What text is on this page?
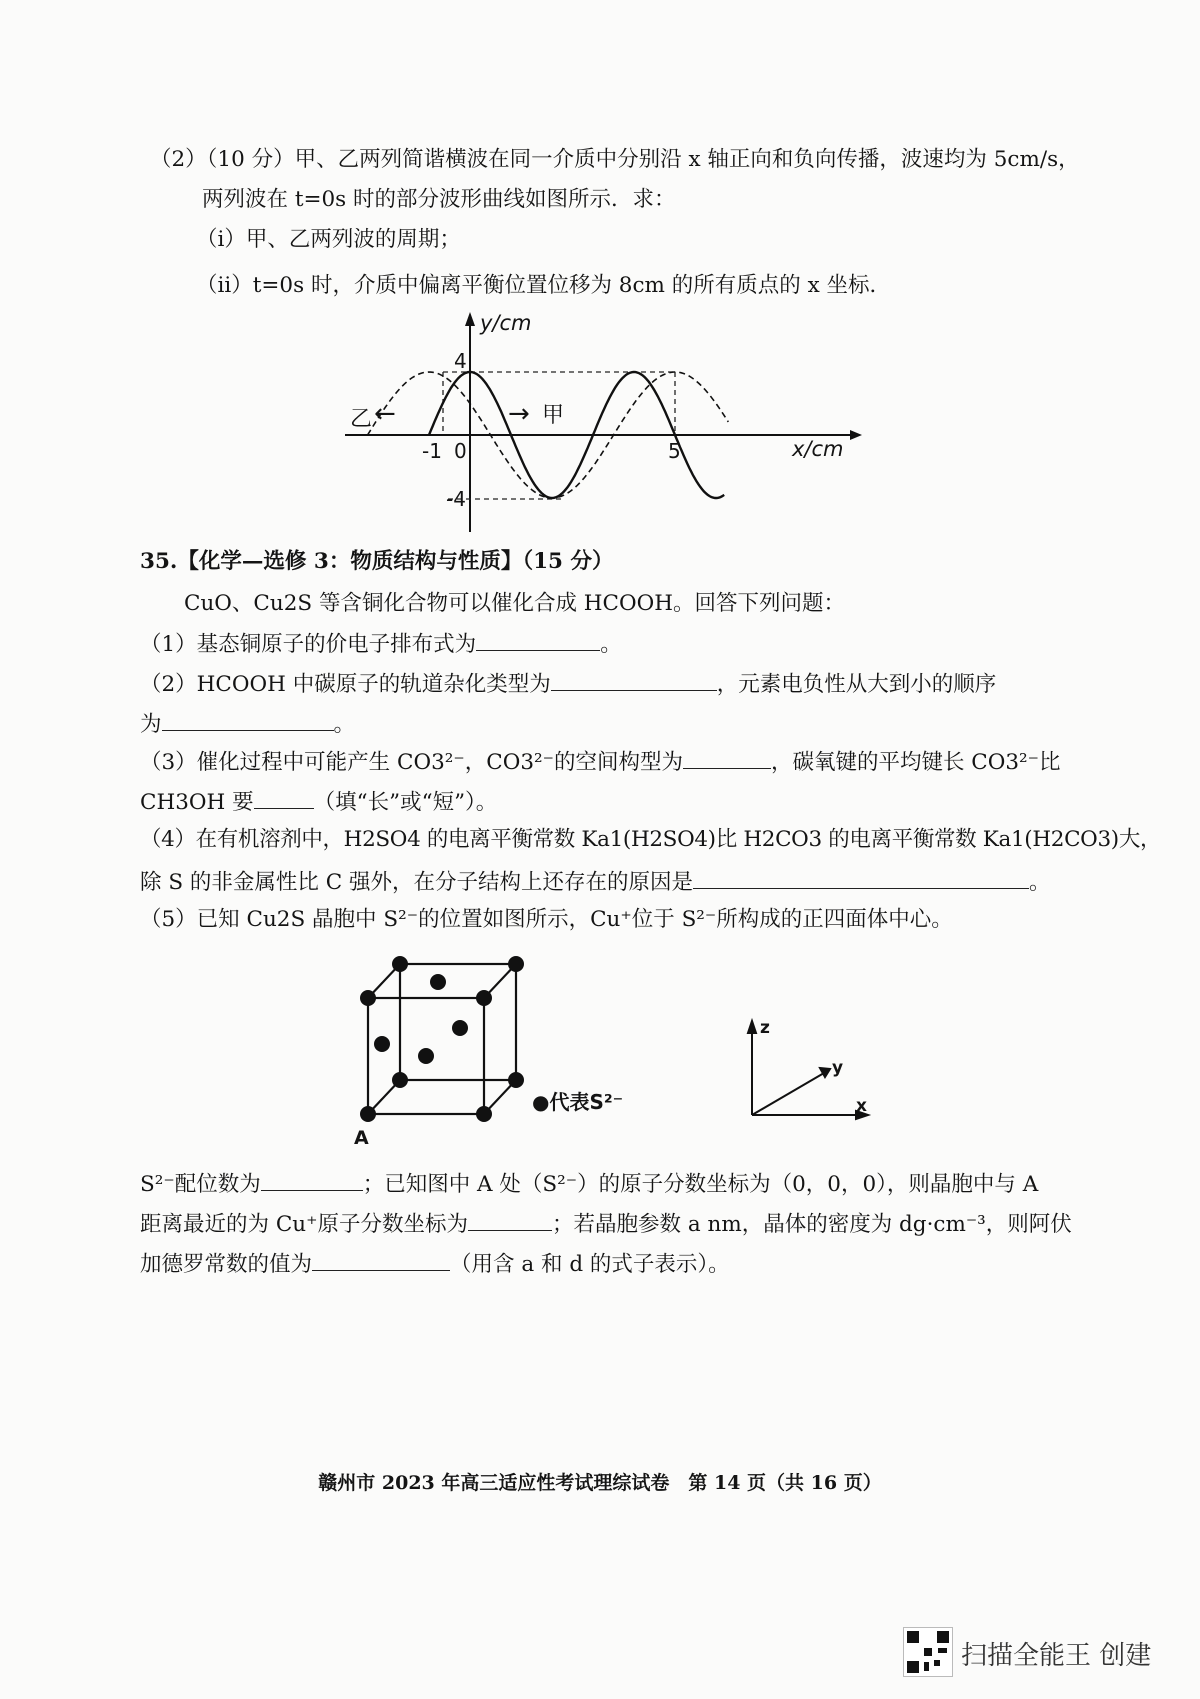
（2）（10 分）甲、乙两列简谐横波在同一介质中分别沿 x 轴正向和负向传播，波速均为 5cm/s，
两列波在 t=0s 时的部分波形曲线如图所示．求：
（i）甲、乙两列波的周期；
（ii）t=0s 时，介质中偏离平衡位置位移为 8cm 的所有质点的 x 坐标．
y/cm
x/cm
4
-4
-1 0	5
→ 甲
乙 ←
35.【化学—选修 3：物质结构与性质】（15 分）
CuO、Cu2S 等含铜化合物可以催化合成 HCOOH。回答下列问题：
（1）基态铜原子的价电子排布式为	。
（2）HCOOH 中碳原子的轨道杂化类型为	，元素电负性从大到小的顺序
为	。
（3）催化过程中可能产生 CO3²⁻，CO3²⁻的空间构型为	，碳氧键的平均键长 CO3²⁻比
CH3OH 要	（填“长”或“短”）。
（4）在有机溶剂中，H2SO4 的电离平衡常数 Ka1(H2SO4)比 H2CO3 的电离平衡常数 Ka1(H2CO3)大，
除 S 的非金属性比 C 强外，在分子结构上还存在的原因是	。
（5）已知 Cu2S 晶胞中 S²⁻的位置如图所示，Cu⁺位于 S²⁻所构成的正四面体中心。
A
●代表S²⁻
z
y
x
S²⁻配位数为	；已知图中 A 处（S²⁻）的原子分数坐标为（0，0，0），则晶胞中与 A
距离最近的为 Cu⁺原子分数坐标为	；若晶胞参数 a nm，晶体的密度为 dg·cm⁻³，则阿伏
加德罗常数的值为	（用含 a 和 d 的式子表示）。
赣州市 2023 年高三适应性考试理综试卷　第 14 页（共 16 页）
扫描全能王 创建
